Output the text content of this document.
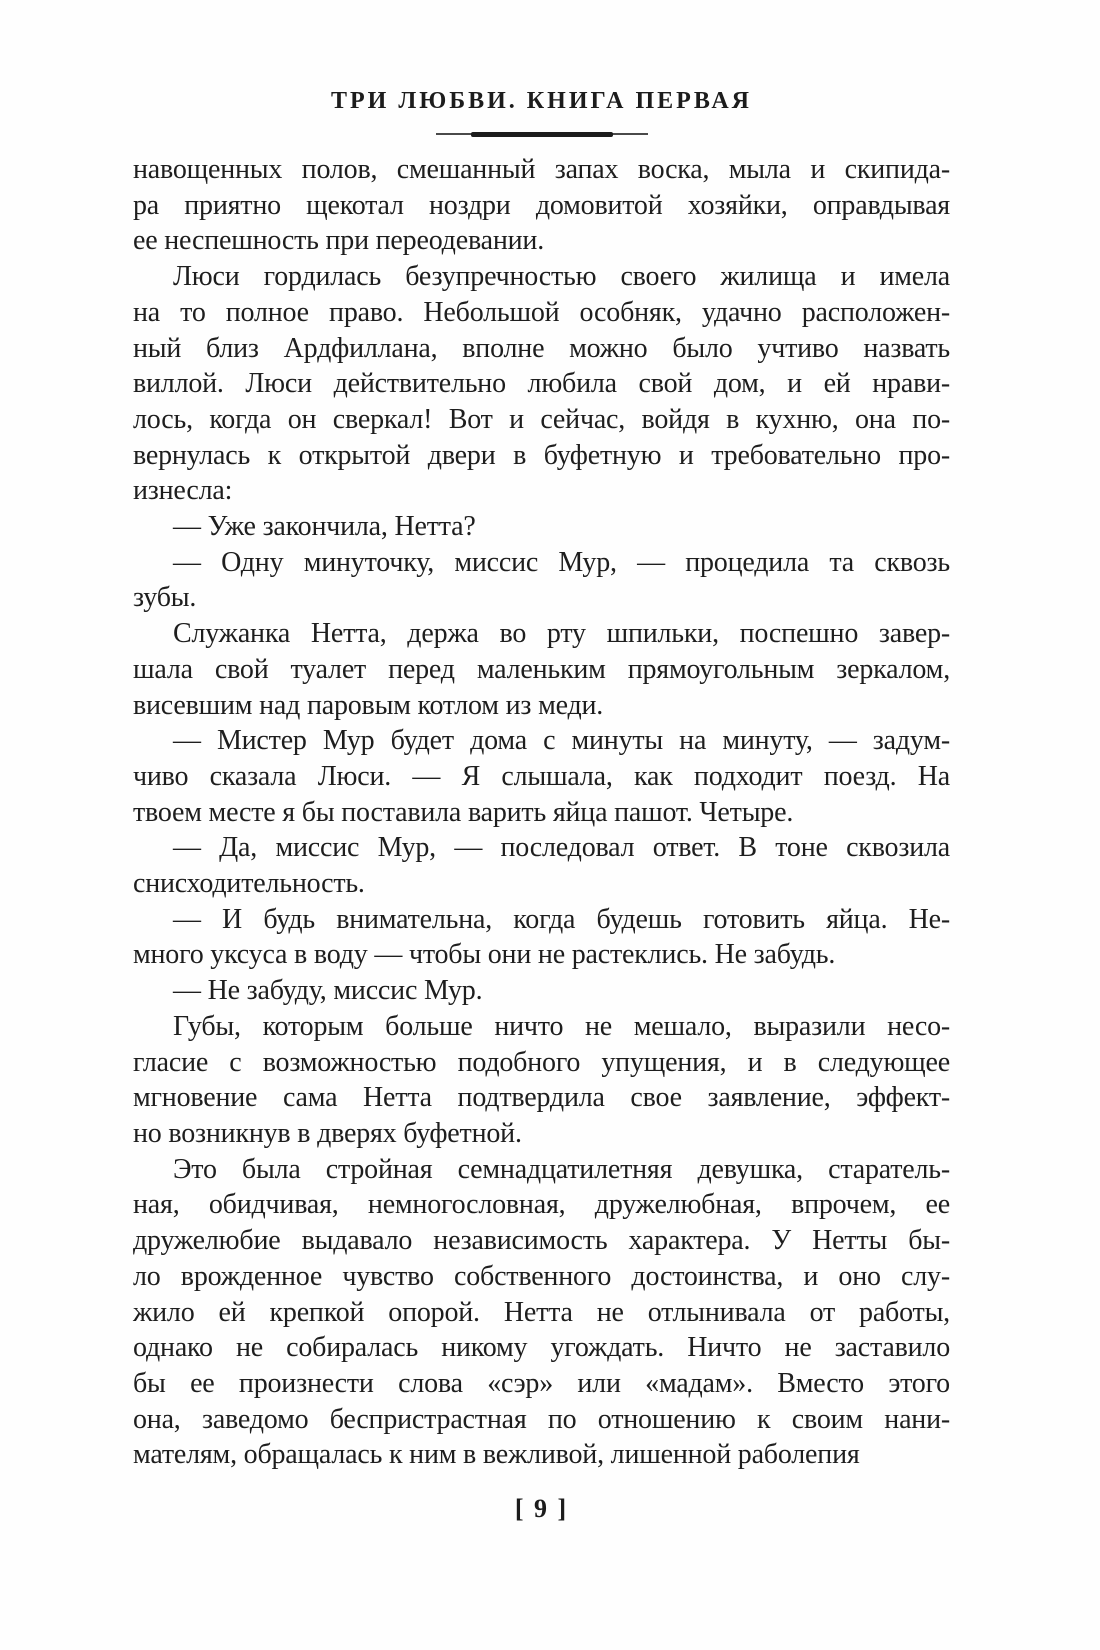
ТРИ ЛЮБВИ. КНИГА ПЕРВАЯ
навощенных полов, смешанный запах воска, мыла и скипида-
ра приятно щекотал ноздри домовитой хозяйки, оправдывая
ее неспешность при переодевании.
Люси гордилась безупречностью своего жилища и имела
на то полное право. Небольшой особняк, удачно расположен-
ный близ Ардфиллана, вполне можно было учтиво назвать
виллой. Люси действительно любила свой дом, и ей нрави-
лось, когда он сверкал! Вот и сейчас, войдя в кухню, она по-
вернулась к открытой двери в буфетную и требовательно про-
изнесла:
— Уже закончила, Нетта?
— Одну минуточку, миссис Мур, — процедила та сквозь
зубы.
Служанка Нетта, держа во рту шпильки, поспешно завер-
шала свой туалет перед маленьким прямоугольным зеркалом,
висевшим над паровым котлом из меди.
— Мистер Мур будет дома с минуты на минуту, — задум-
чиво сказала Люси. — Я слышала, как подходит поезд. На
твоем месте я бы поставила варить яйца пашот. Четыре.
— Да, миссис Мур, — последовал ответ. В тоне сквозила
снисходительность.
— И будь внимательна, когда будешь готовить яйца. Не-
много уксуса в воду — чтобы они не растеклись. Не забудь.
— Не забуду, миссис Мур.
Губы, которым больше ничто не мешало, выразили несо-
гласие с возможностью подобного упущения, и в следующее
мгновение сама Нетта подтвердила свое заявление, эффект-
но возникнув в дверях буфетной.
Это была стройная семнадцатилетняя девушка, старатель-
ная, обидчивая, немногословная, дружелюбная, впрочем, ее
дружелюбие выдавало независимость характера. У Нетты бы-
ло врожденное чувство собственного достоинства, и оно слу-
жило ей крепкой опорой. Нетта не отлынивала от работы,
однако не собиралась никому угождать. Ничто не заставило
бы ее произнести слова «сэр» или «мадам». Вместо этого
она, заведомо беспристрастная по отношению к своим нани-
мателям, обращалась к ним в вежливой, лишенной раболепия
[ 9 ]
